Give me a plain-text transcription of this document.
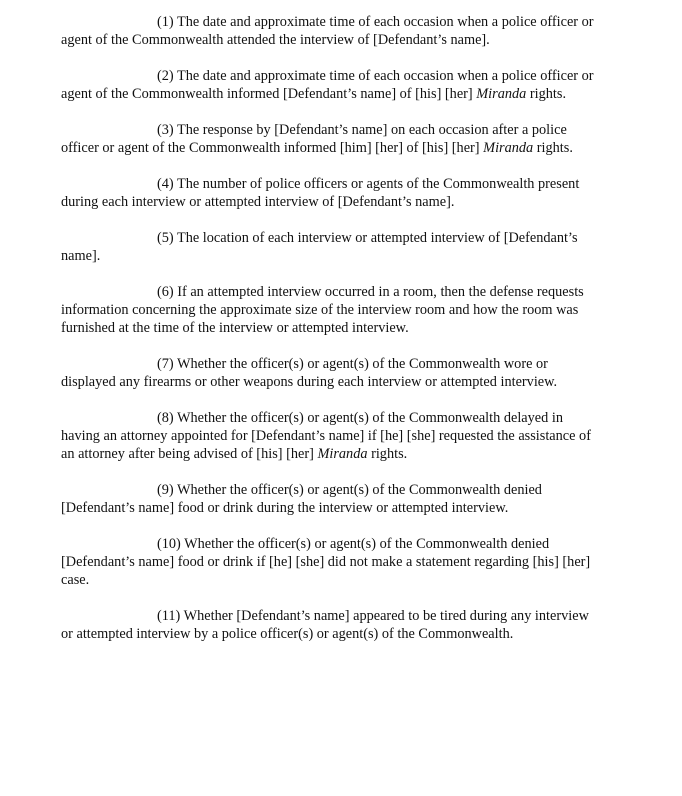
(1) The date and approximate time of each occasion when a police officer or agent of the Commonwealth attended the interview of [Defendant’s name].

(2) The date and approximate time of each occasion when a police officer or agent of the Commonwealth informed [Defendant’s name] of [his] [her] Miranda rights.

(3) The response by [Defendant’s name] on each occasion after a police officer or agent of the Commonwealth informed [him] [her] of [his] [her] Miranda rights.

(4) The number of police officers or agents of the Commonwealth present during each interview or attempted interview of [Defendant’s name].

(5) The location of each interview or attempted interview of [Defendant’s name].

(6) If an attempted interview occurred in a room, then the defense requests information concerning the approximate size of the interview room and how the room was furnished at the time of the interview or attempted interview.

(7) Whether the officer(s) or agent(s) of the Commonwealth wore or displayed any firearms or other weapons during each interview or attempted interview.

(8) Whether the officer(s) or agent(s) of the Commonwealth delayed in having an attorney appointed for [Defendant’s name] if [he] [she] requested the assistance of an attorney after being advised of [his] [her] Miranda rights.

(9) Whether the officer(s) or agent(s) of the Commonwealth denied [Defendant’s name] food or drink during the interview or attempted interview.

(10) Whether the officer(s) or agent(s) of the Commonwealth denied [Defendant’s name] food or drink if [he] [she] did not make a statement regarding [his] [her] case.

(11) Whether [Defendant’s name] appeared to be tired during any interview or attempted interview by a police officer(s) or agent(s) of the Commonwealth.
